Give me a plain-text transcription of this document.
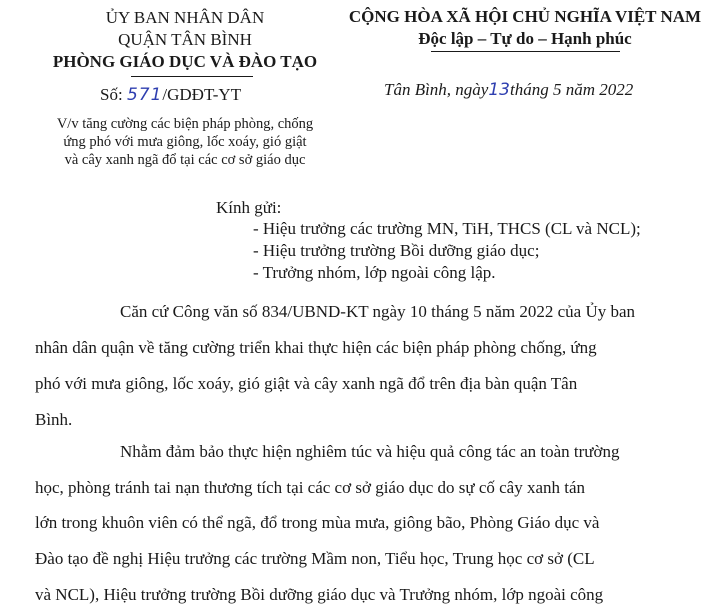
ỦY BAN NHÂN DÂN
QUẬN TÂN BÌNH
PHÒNG GIÁO DỤC VÀ ĐÀO TẠO
Số: 571/GDĐT-YT
V/v tăng cường các biện pháp phòng, chống
ứng phó với mưa giông, lốc xoáy, gió giật
và cây xanh ngã đổ tại các cơ sở giáo dục
CỘNG HÒA XÃ HỘI CHỦ NGHĨA VIỆT NAM
Độc lập – Tự do – Hạnh phúc
Tân Bình, ngày13tháng 5 năm 2022
Kính gửi:
- Hiệu trưởng các trường MN, TiH, THCS (CL và NCL);
- Hiệu trưởng trường Bồi dưỡng giáo dục;
- Trưởng nhóm, lớp ngoài công lập.
Căn cứ Công văn số 834/UBND-KT ngày 10 tháng 5 năm 2022 của Ủy ban
nhân dân quận về tăng cường triển khai thực hiện các biện pháp phòng chống, ứng
phó với mưa giông, lốc xoáy, gió giật và cây xanh ngã đổ trên địa bàn quận Tân
Bình.
Nhằm đảm bảo thực hiện nghiêm túc và hiệu quả công tác an toàn trường
học, phòng tránh tai nạn thương tích tại các cơ sở giáo dục do sự cố cây xanh tán
lớn trong khuôn viên có thể ngã, đổ trong mùa mưa, giông bão, Phòng Giáo dục và
Đào tạo đề nghị Hiệu trưởng các trường Mầm non, Tiểu học, Trung học cơ sở (CL
và NCL), Hiệu trưởng trường Bồi dưỡng giáo dục và Trưởng nhóm, lớp ngoài công
